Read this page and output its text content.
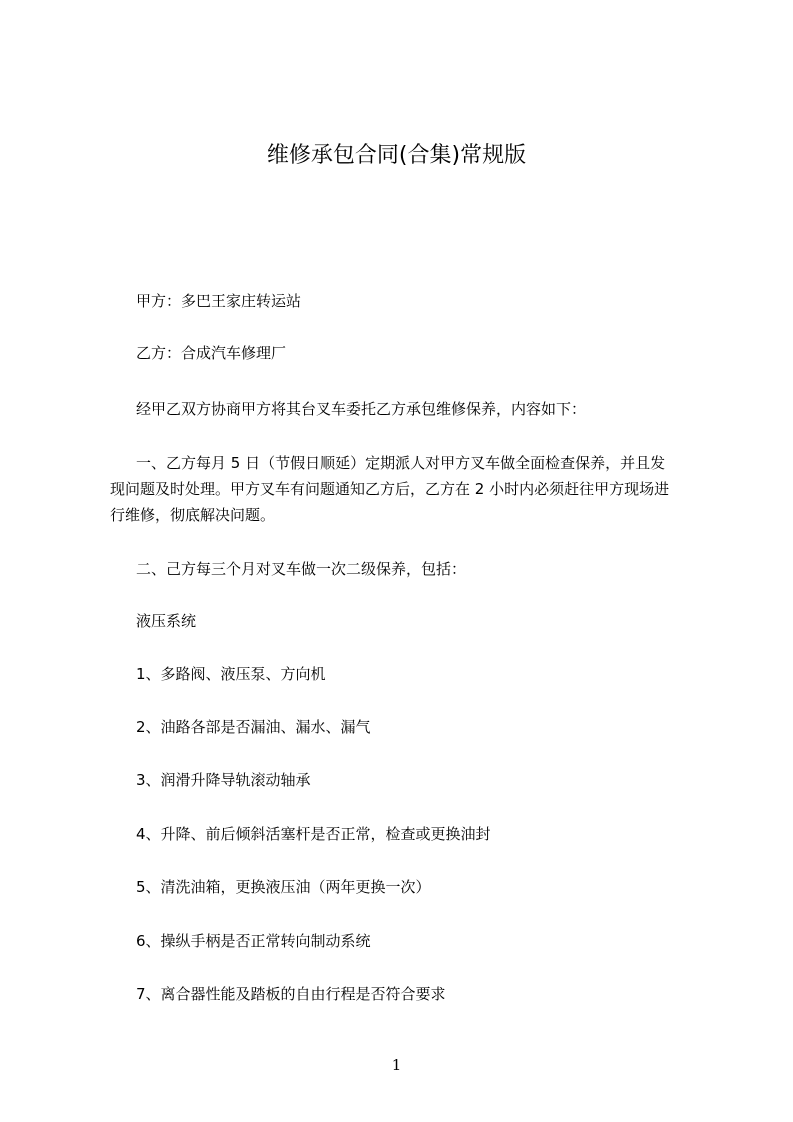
维修承包合同(合集)常规版
甲方：多巴王家庄转运站
乙方：合成汽车修理厂
经甲乙双方协商甲方将其台叉车委托乙方承包维修保养，内容如下：
一、乙方每月 5 日（节假日顺延）定期派人对甲方叉车做全面检查保养，并且发
现问题及时处理。甲方叉车有问题通知乙方后，乙方在 2 小时内必须赶往甲方现场进
行维修，彻底解决问题。
二、己方每三个月对叉车做一次二级保养，包括：
液压系统
1、多路阀、液压泵、方向机
2、油路各部是否漏油、漏水、漏气
3、润滑升降导轨滚动轴承
4、升降、前后倾斜活塞杆是否正常，检查或更换油封
5、清洗油箱，更换液压油（两年更换一次）
6、操纵手柄是否正常转向制动系统
7、离合器性能及踏板的自由行程是否符合要求
1
